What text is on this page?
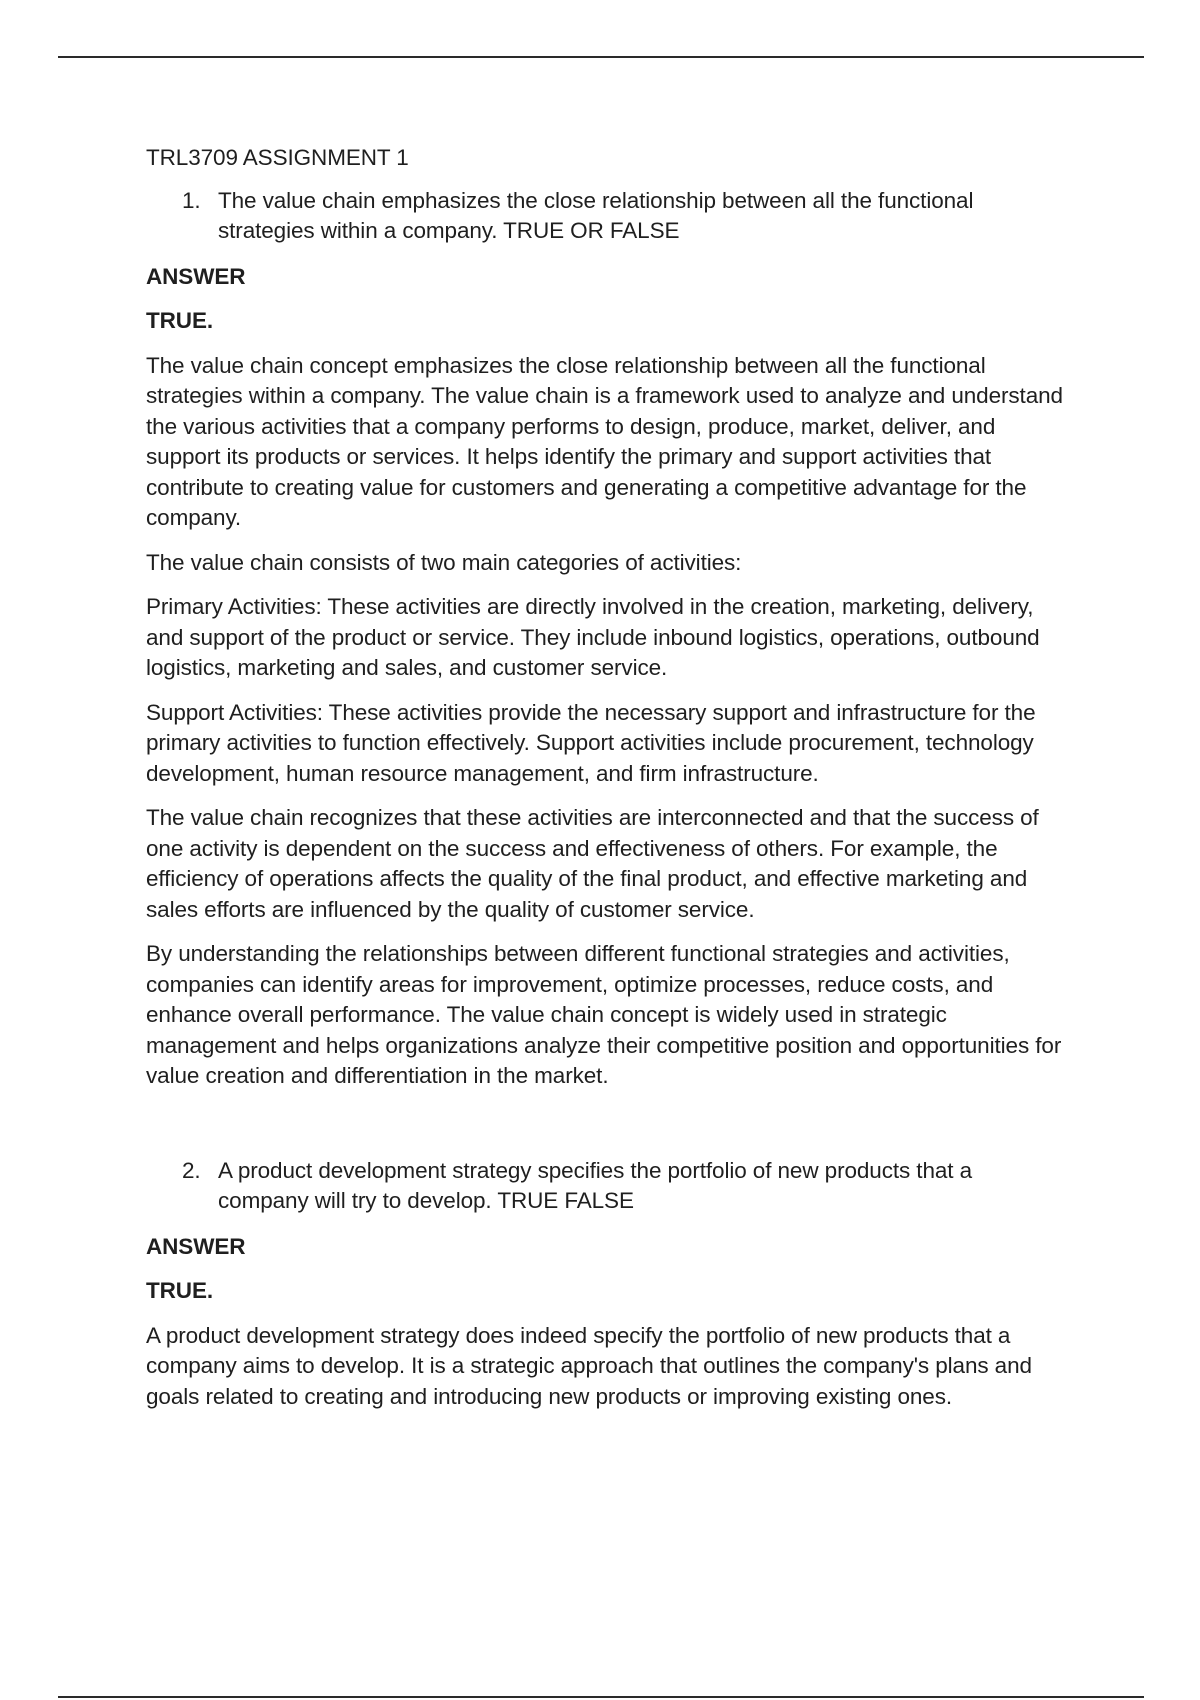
TRL3709 ASSIGNMENT 1
1. The value chain emphasizes the close relationship between all the functional strategies within a company. TRUE OR FALSE
ANSWER
TRUE.

The value chain concept emphasizes the close relationship between all the functional strategies within a company. The value chain is a framework used to analyze and understand the various activities that a company performs to design, produce, market, deliver, and support its products or services. It helps identify the primary and support activities that contribute to creating value for customers and generating a competitive advantage for the company.

The value chain consists of two main categories of activities:

Primary Activities: These activities are directly involved in the creation, marketing, delivery, and support of the product or service. They include inbound logistics, operations, outbound logistics, marketing and sales, and customer service.

Support Activities: These activities provide the necessary support and infrastructure for the primary activities to function effectively. Support activities include procurement, technology development, human resource management, and firm infrastructure.

The value chain recognizes that these activities are interconnected and that the success of one activity is dependent on the success and effectiveness of others. For example, the efficiency of operations affects the quality of the final product, and effective marketing and sales efforts are influenced by the quality of customer service.

By understanding the relationships between different functional strategies and activities, companies can identify areas for improvement, optimize processes, reduce costs, and enhance overall performance. The value chain concept is widely used in strategic management and helps organizations analyze their competitive position and opportunities for value creation and differentiation in the market.

2. A product development strategy specifies the portfolio of new products that a company will try to develop. TRUE FALSE
ANSWER
TRUE.

A product development strategy does indeed specify the portfolio of new products that a company aims to develop. It is a strategic approach that outlines the company's plans and goals related to creating and introducing new products or improving existing ones.
